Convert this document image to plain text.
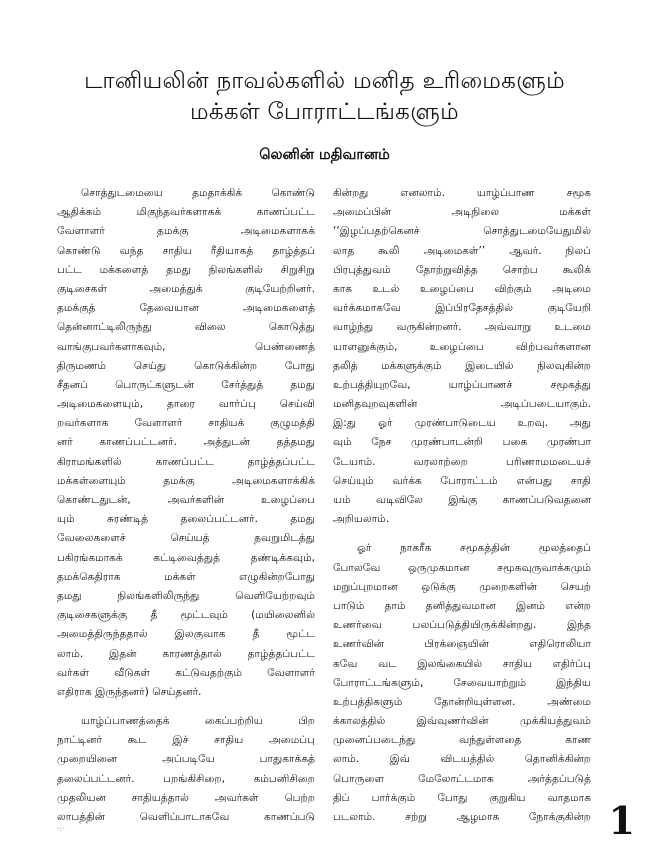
டானியலின் நாவல்களில் மனித உரிமைகளும்
மக்கள் போராட்டங்களும்
லெனின் மதிவானம்
சொத்துடமையை தமதாக்கிக் கொண்டு
ஆதிக்கம் மிகுந்தவர்களாகக் காணப்பட்ட
வேளாளர் தமக்கு அடிமைகளாகக்
கொண்டு வந்த சாதிய ரீதியாகத் தாழ்த்தப்
பட்ட மக்களைத் தமது நிலங்களில் சிறுசிறு
குடிசைகள் அமைத்துக் குடியேற்றினர்.
தமக்குத் தேவையான அடிமைகளைத்
தென்னாட்டிலிருந்து விலை கொடுத்து
வாங்குபவர்களாகவும், பெண்ணைத்
திருமணம் செய்து கொடுக்கின்ற போது
சீதனப் பொருட்களுடன் சேர்த்துத் தமது
அடிமைகளையும், தாரை வார்ப்பு செய்வி
றவர்களாக வேளாளர் சாதியக் குழுமத்தி
னர் காணப்பட்டனர். அத்துடன் தத்தமது
கிராமங்களில் காணப்பட்ட தாழ்த்தப்பட்ட
மக்கள்ளையும் தமக்கு அடிமைகளாக்கிக்
கொண்டதுடன், அவர்களின் உழைப்பை
யும் சுரண்டித் தலைப்பட்டனர். தமது
வேலைகளைச் செய்யத் தவறுமிடத்து
பகிரங்கமாகக் கட்டிவைத்துத் தண்டிக்கவும்,
தமக்கெதிராக மக்கள் எழுகின்றபோது
தமது நிலங்களிலிருந்து வெளியேற்றவும்
குடிசைகளுக்கு தீ மூட்டவும் (மயிலைனில்
அமைத்திருந்ததால் இலகுவாக தீ மூட்ட
லாம். இதன் காரணத்தால் தாழ்த்தப்பட்ட
வர்கள் வீடுகள் கட்டுவதற்கும் வேளாளர்
எதிராக இருந்தனர்) செய்தனர்.
யாழ்ப்பாணத்தைக் கைப்பற்றிய பிற
நாட்டினர் கூட இச் சாதிய அமைப்பு
முறையினை அப்படியே பாதுகாக்கத்
தலைப்பட்டனர். பறங்கிசிறை, கம்பனிசிறை
முதலியன சாதியத்தால் அவர்கள் பெற்ற
லாபத்தின் வெளிப்பாடாகவே காணப்படு
கின்றது எனலாம். யாழ்ப்பாண சமூக
அமைப்பின் அடிநிலை மக்கள்
‘‘இழப்பதற்கெனச் சொத்துடமையேதுமில்
லாத கூலி அடிமைகள்’’ ஆவர். நிலப்
பிரபுத்துவம் தோற்றுவித்த சொற்ப கூலிக்
காக உடல் உழைப்பை விற்கும் அடிமை
வர்க்கமாகவே இப்பிரதேசத்தில் குடியேறி
வாழ்ந்து வருகின்றனர். அவ்வாறு உடமை
யாளனுக்கும், உழைப்பை விற்பவர்களான
தலித் மக்களுக்கும் இடையில் நிலவுகின்ற
உற்பத்தியுறவே, யாழ்ப்பாணச் சமூகத்து
மனிதவுறவுகளின் அடிப்படையாகும்.
இ:து ஓர் முரண்பாடுடைய உறவு. அது
வும் நேச முரண்பாடன்றி பகை முரண்பா
டேயாம். வரலாற்றை பரிணாமமடையச்
செய்யும் வர்க்க போராட்டம் என்பது சாதி
யம் வடிவிலே இங்கு காணப்படுவதனை
அறியலாம்.
ஓர் நாகரீக சமூகத்தின் மூலத்தைப்
போலவே ஒருமுகமான சமூகவுருவாக்கமும்
மறுப்புறமான ஒடுக்கு முறைகளின் செயற்
பாடும் தாம் தனித்துவமான இனம் என்ற
உணர்வை பலப்படுத்தியிருக்கின்றது. இந்த
உணர்வின் பிரக்ஞையின் எதிரொலியா
கவே வட இலங்கையில் சாதிய எதிர்ப்பு
போராட்டங்களும், சேவையாற்றும் இந்திய
உற்பத்திகளும் தோன்றியுள்ளன. அண்மை
க்காலத்தில் இவ்வுணர்வின் முக்கியத்துவம்
முனைப்படைந்து வந்துள்ளதை காண
லாம். இவ் விடயத்தில் தொனிக்கின்ற
பொருளை மேலோட்டமாக அர்த்தப்படுத்
திப் பார்க்கும் போது குறுகிய வாதமாக
படலாம். சற்று ஆழமாக நோக்குகின்ற
·:·	1
